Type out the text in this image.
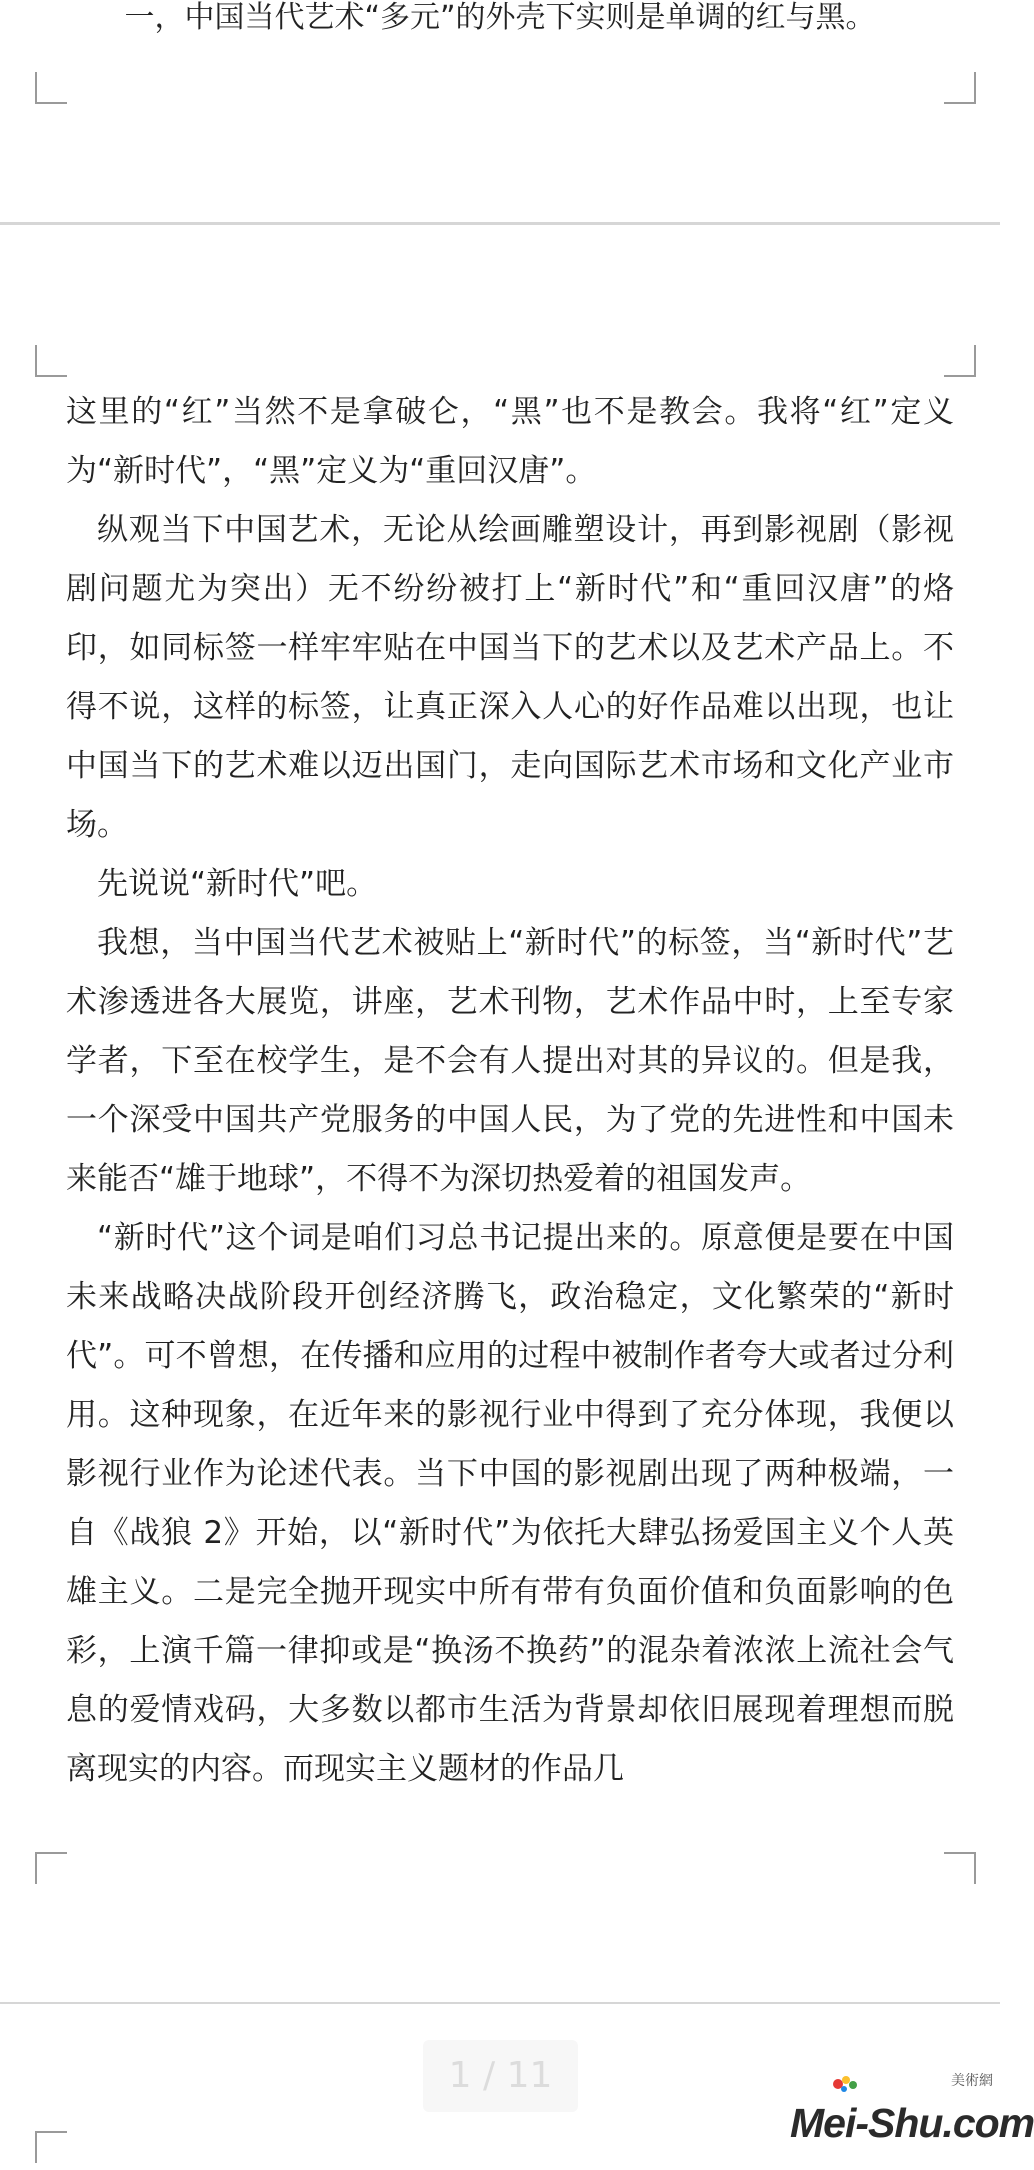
一，中国当代艺术“多元”的外壳下实则是单调的红与黑。

这里的“红”当然不是拿破仑，“黑”也不是教会。我将“红”定义为“新时代”，“黑”定义为“重回汉唐”。

纵观当下中国艺术，无论从绘画雕塑设计，再到影视剧（影视剧问题尤为突出）无不纷纷被打上“新时代”和“重回汉唐”的烙印，如同标签一样牢牢贴在中国当下的艺术以及艺术产品上。不得不说，这样的标签，让真正深入人心的好作品难以出现，也让中国当下的艺术难以迈出国门，走向国际艺术市场和文化产业市场。

先说说“新时代”吧。

我想，当中国当代艺术被贴上“新时代”的标签，当“新时代”艺术渗透进各大展览，讲座，艺术刊物，艺术作品中时，上至专家学者，下至在校学生，是不会有人提出对其的异议的。但是我，一个深受中国共产党服务的中国人民，为了党的先进性和中国未来能否“雄于地球”，不得不为深切热爱着的祖国发声。

“新时代”这个词是咱们习总书记提出来的。原意便是要在中国未来战略决战阶段开创经济腾飞，政治稳定，文化繁荣的“新时代”。可不曾想，在传播和应用的过程中被制作者夸大或者过分利用。这种现象，在近年来的影视行业中得到了充分体现，我便以影视行业作为论述代表。当下中国的影视剧出现了两种极端，一自《战狼 2》开始，以“新时代”为依托大肆弘扬爱国主义个人英雄主义。二是完全抛开现实中所有带有负面价值和负面影响的色彩，上演千篇一律抑或是“换汤不换药”的混杂着浓浓上流社会气息的爱情戏码，大多数以都市生活为背景却依旧展现着理想而脱离现实的内容。而现实主义题材的作品几

1 / 11	美術網
Mei-Shu.com
